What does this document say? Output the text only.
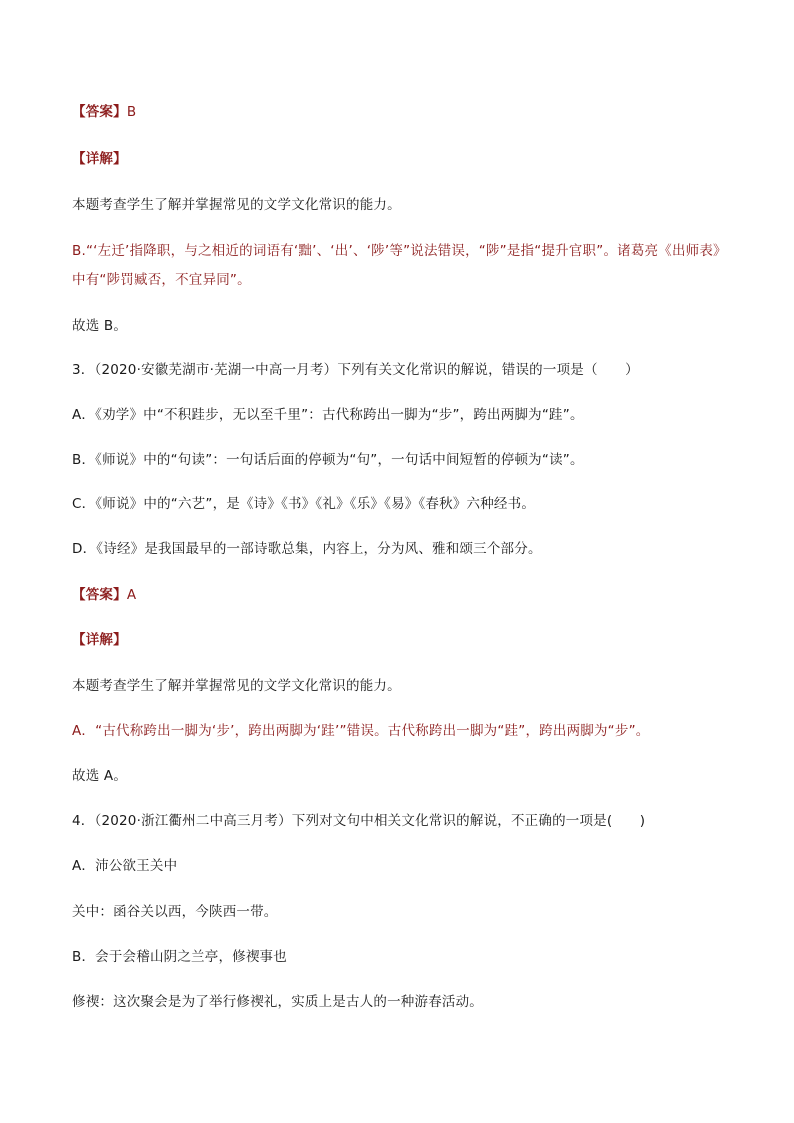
【答案】B
【详解】
本题考查学生了解并掌握常见的文学文化常识的能力。
B.“‘左迁’指降职，与之相近的词语有‘黜’、‘出’、‘陟’等”说法错误，“陟”是指“提升官职”。诸葛亮《出师表》
中有“陟罚臧否，不宜异同”。
故选 B。
3．（2020·安徽芜湖市·芜湖一中高一月考）下列有关文化常识的解说，错误的一项是（　　）
A．《劝学》中“不积跬步，无以至千里”：古代称跨出一脚为“步”，跨出两脚为“跬”。
B．《师说》中的“句读”：一句话后面的停顿为“句”，一句话中间短暂的停顿为“读”。
C．《师说》中的“六艺”，是《诗》《书》《礼》《乐》《易》《春秋》六种经书。
D．《诗经》是我国最早的一部诗歌总集，内容上，分为风、雅和颂三个部分。
【答案】A
【详解】
本题考查学生了解并掌握常见的文学文化常识的能力。
A．“古代称跨出一脚为‘步’，跨出两脚为‘跬’”错误。古代称跨出一脚为“跬”，跨出两脚为“步”。
故选 A。
4．（2020·浙江衢州二中高三月考）下列对文句中相关文化常识的解说，不正确的一项是(　　)
A．沛公欲王关中
关中：函谷关以西，今陕西一带。
B．会于会稽山阴之兰亭，修禊事也
修禊：这次聚会是为了举行修禊礼，实质上是古人的一种游春活动。
